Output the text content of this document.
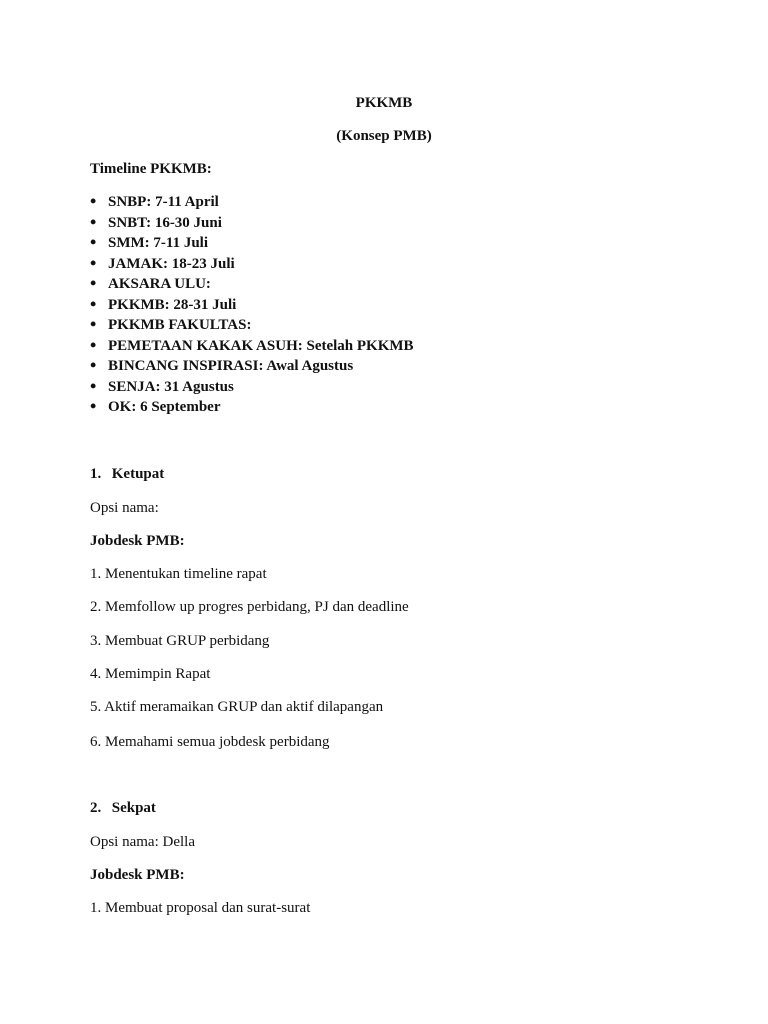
PKKMB
(Konsep PMB)
Timeline PKKMB:
• SNBP: 7-11 April
• SNBT: 16-30 Juni
• SMM: 7-11 Juli
• JAMAK: 18-23 Juli
• AKSARA ULU:
• PKKMB: 28-31 Juli
• PKKMB FAKULTAS:
• PEMETAAN KAKAK ASUH: Setelah PKKMB
• BINCANG INSPIRASI: Awal Agustus
• SENJA: 31 Agustus
• OK: 6 September
1. Ketupat
Opsi nama:
Jobdesk PMB:
1. Menentukan timeline rapat
2. Memfollow up progres perbidang, PJ dan deadline
3. Membuat GRUP perbidang
4. Memimpin Rapat
5. Aktif meramaikan GRUP dan aktif dilapangan
6. Memahami semua jobdesk perbidang
2. Sekpat
Opsi nama: Della
Jobdesk PMB:
1. Membuat proposal dan surat-surat
